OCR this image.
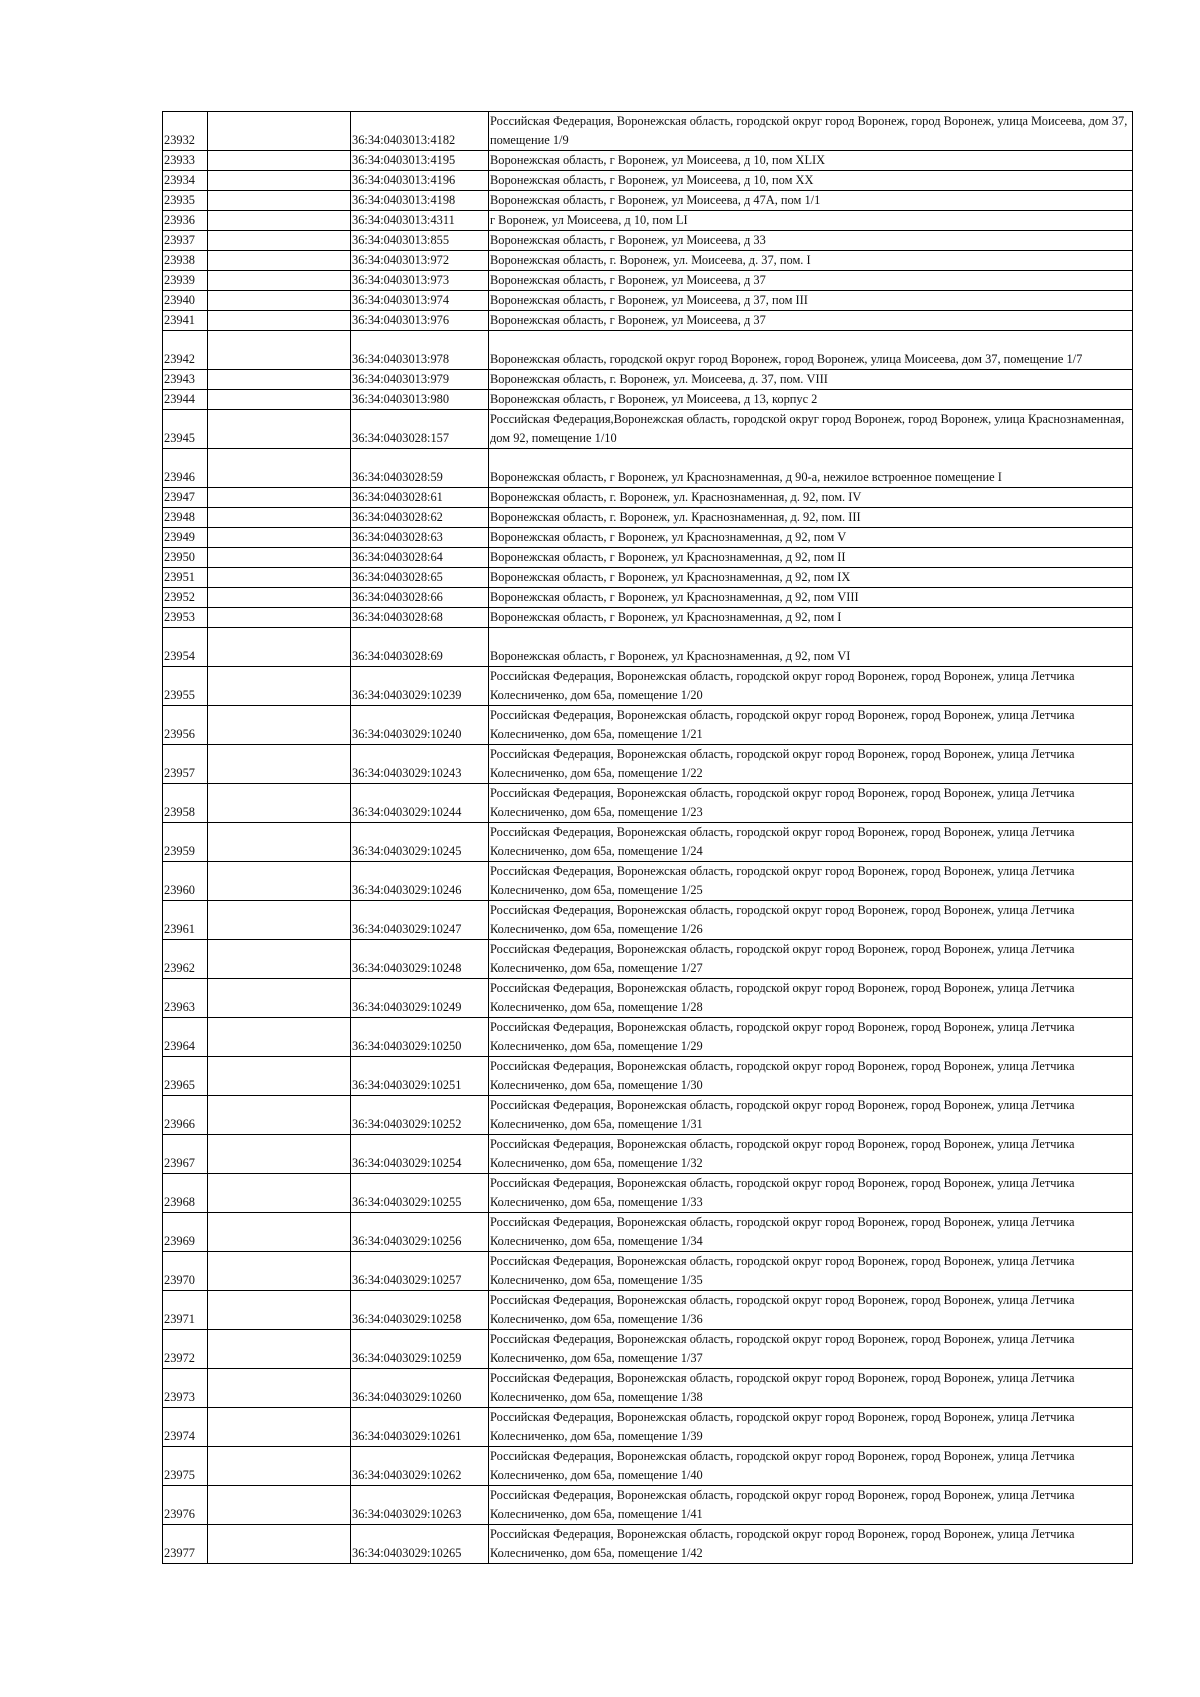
23932		36:34:0403013:4182	Российская Федерация, Воронежская область, городской округ город Воронеж, город Воронеж, улица Моисеева, дом 37, помещение 1/9
23933		36:34:0403013:4195	Воронежская область, г Воронеж, ул Моисеева, д 10, пом XLIX
23934		36:34:0403013:4196	Воронежская область, г Воронеж, ул Моисеева, д 10, пом XX
23935		36:34:0403013:4198	Воронежская область, г Воронеж, ул Моисеева, д 47А, пом 1/1
23936		36:34:0403013:4311	г Воронеж, ул Моисеева, д 10, пом LI
23937		36:34:0403013:855	Воронежская область, г Воронеж, ул Моисеева, д 33
23938		36:34:0403013:972	Воронежская область, г. Воронеж, ул. Моисеева, д. 37, пом. I
23939		36:34:0403013:973	Воронежская область, г Воронеж, ул Моисеева, д 37
23940		36:34:0403013:974	Воронежская область, г Воронеж, ул Моисеева, д 37, пом III
23941		36:34:0403013:976	Воронежская область, г Воронеж, ул Моисеева, д 37
23942		36:34:0403013:978	Воронежская область, городской округ город Воронеж, город Воронеж, улица Моисеева, дом 37, помещение 1/7
23943		36:34:0403013:979	Воронежская область, г. Воронеж, ул. Моисеева, д. 37, пом. VIII
23944		36:34:0403013:980	Воронежская область, г Воронеж, ул Моисеева, д 13, корпус 2
23945		36:34:0403028:157	Российская Федерация,Воронежская область, городской округ город Воронеж, город Воронеж, улица Краснознаменная, дом 92, помещение 1/10
23946		36:34:0403028:59	Воронежская область, г Воронеж, ул Краснознаменная, д 90-а, нежилое встроенное помещение I
23947		36:34:0403028:61	Воронежская область, г. Воронеж, ул. Краснознаменная, д. 92, пом. IV
23948		36:34:0403028:62	Воронежская область, г. Воронеж, ул. Краснознаменная, д. 92, пом. III
23949		36:34:0403028:63	Воронежская область, г Воронеж, ул Краснознаменная, д 92, пом V
23950		36:34:0403028:64	Воронежская область, г Воронеж, ул Краснознаменная, д 92, пом II
23951		36:34:0403028:65	Воронежская область, г Воронеж, ул Краснознаменная, д 92, пом IX
23952		36:34:0403028:66	Воронежская область, г Воронеж, ул Краснознаменная, д 92, пом VIII
23953		36:34:0403028:68	Воронежская область, г Воронеж, ул Краснознаменная, д 92, пом I
23954		36:34:0403028:69	Воронежская область, г Воронеж, ул Краснознаменная, д 92, пом VI
23955		36:34:0403029:10239	Российская Федерация, Воронежская область, городской округ город Воронеж, город Воронеж, улица Летчика Колесниченко, дом 65а, помещение 1/20
23956		36:34:0403029:10240	Российская Федерация, Воронежская область, городской округ город Воронеж, город Воронеж, улица Летчика Колесниченко, дом 65а, помещение 1/21
23957		36:34:0403029:10243	Российская Федерация, Воронежская область, городской округ город Воронеж, город Воронеж, улица Летчика Колесниченко, дом 65а, помещение 1/22
23958		36:34:0403029:10244	Российская Федерация, Воронежская область, городской округ город Воронеж, город Воронеж, улица Летчика Колесниченко, дом 65а, помещение 1/23
23959		36:34:0403029:10245	Российская Федерация, Воронежская область, городской округ город Воронеж, город Воронеж, улица Летчика Колесниченко, дом 65а, помещение 1/24
23960		36:34:0403029:10246	Российская Федерация, Воронежская область, городской округ город Воронеж, город Воронеж, улица Летчика Колесниченко, дом 65а, помещение 1/25
23961		36:34:0403029:10247	Российская Федерация, Воронежская область, городской округ город Воронеж, город Воронеж, улица Летчика Колесниченко, дом 65а, помещение 1/26
23962		36:34:0403029:10248	Российская Федерация, Воронежская область, городской округ город Воронеж, город Воронеж, улица Летчика Колесниченко, дом 65а, помещение 1/27
23963		36:34:0403029:10249	Российская Федерация, Воронежская область, городской округ город Воронеж, город Воронеж, улица Летчика Колесниченко, дом 65а, помещение 1/28
23964		36:34:0403029:10250	Российская Федерация, Воронежская область, городской округ город Воронеж, город Воронеж, улица Летчика Колесниченко, дом 65а, помещение 1/29
23965		36:34:0403029:10251	Российская Федерация, Воронежская область, городской округ город Воронеж, город Воронеж, улица Летчика Колесниченко, дом 65а, помещение 1/30
23966		36:34:0403029:10252	Российская Федерация, Воронежская область, городской округ город Воронеж, город Воронеж, улица Летчика Колесниченко, дом 65а, помещение 1/31
23967		36:34:0403029:10254	Российская Федерация, Воронежская область, городской округ город Воронеж, город Воронеж, улица Летчика Колесниченко, дом 65а, помещение 1/32
23968		36:34:0403029:10255	Российская Федерация, Воронежская область, городской округ город Воронеж, город Воронеж, улица Летчика Колесниченко, дом 65а, помещение 1/33
23969		36:34:0403029:10256	Российская Федерация, Воронежская область, городской округ город Воронеж, город Воронеж, улица Летчика Колесниченко, дом 65а, помещение 1/34
23970		36:34:0403029:10257	Российская Федерация, Воронежская область, городской округ город Воронеж, город Воронеж, улица Летчика Колесниченко, дом 65а, помещение 1/35
23971		36:34:0403029:10258	Российская Федерация, Воронежская область, городской округ город Воронеж, город Воронеж, улица Летчика Колесниченко, дом 65а, помещение 1/36
23972		36:34:0403029:10259	Российская Федерация, Воронежская область, городской округ город Воронеж, город Воронеж, улица Летчика Колесниченко, дом 65а, помещение 1/37
23973		36:34:0403029:10260	Российская Федерация, Воронежская область, городской округ город Воронеж, город Воронеж, улица Летчика Колесниченко, дом 65а, помещение 1/38
23974		36:34:0403029:10261	Российская Федерация, Воронежская область, городской округ город Воронеж, город Воронеж, улица Летчика Колесниченко, дом 65а, помещение 1/39
23975		36:34:0403029:10262	Российская Федерация, Воронежская область, городской округ город Воронеж, город Воронеж, улица Летчика Колесниченко, дом 65а, помещение 1/40
23976		36:34:0403029:10263	Российская Федерация, Воронежская область, городской округ город Воронеж, город Воронеж, улица Летчика Колесниченко, дом 65а, помещение 1/41
23977		36:34:0403029:10265	Российская Федерация, Воронежская область, городской округ город Воронеж, город Воронеж, улица Летчика Колесниченко, дом 65а, помещение 1/42
